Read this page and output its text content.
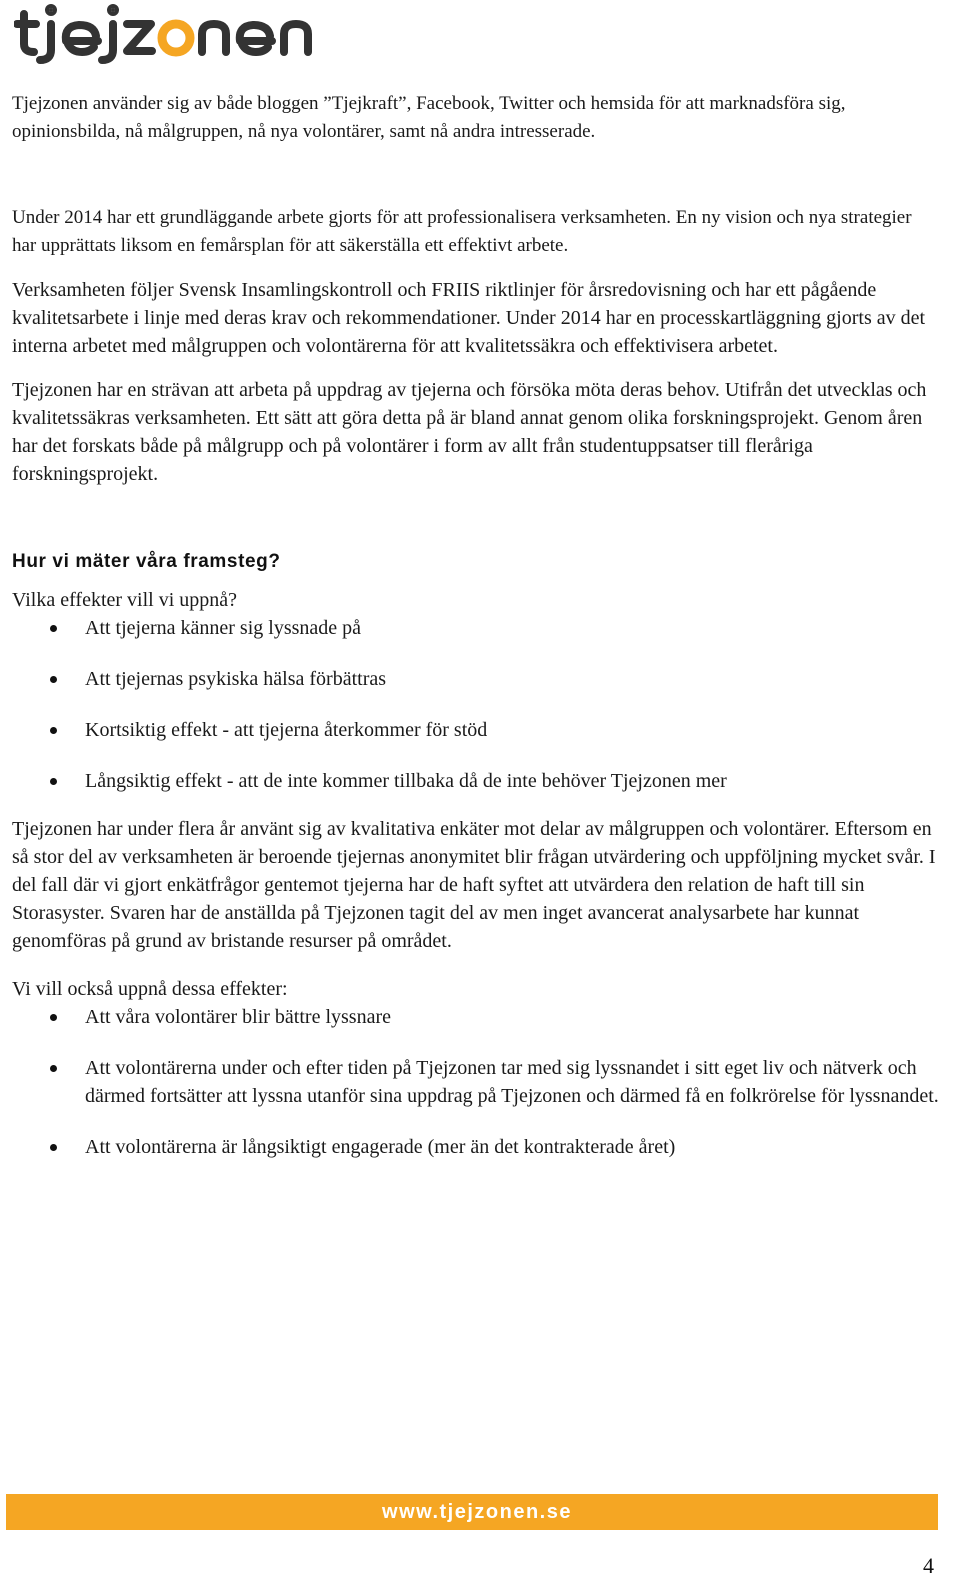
Tjejzonen använder sig av både bloggen ”Tjejkraft”, Facebook, Twitter och hemsida för att marknadsföra sig, opinionsbilda, nå målgruppen, nå nya volontärer, samt nå andra intresserade.

Under 2014 har ett grundläggande arbete gjorts för att professionalisera verksamheten. En ny vision och nya strategier har upprättats liksom en femårsplan för att säkerställa ett effektivt arbete.

Verksamheten följer Svensk Insamlingskontroll och FRIIS riktlinjer för årsredovisning och har ett pågående kvalitetsarbete i linje med deras krav och rekommendationer. Under 2014 har en processkartläggning gjorts av det interna arbetet med målgruppen och volontärerna för att kvalitetssäkra och effektivisera arbetet.

Tjejzonen har en strävan att arbeta på uppdrag av tjejerna och försöka möta deras behov. Utifrån det utvecklas och kvalitetssäkras verksamheten. Ett sätt att göra detta på är bland annat genom olika forskningsprojekt. Genom åren har det forskats både på målgrupp och på volontärer i form av allt från studentuppsatser till fleråriga forskningsprojekt.

Hur vi mäter våra framsteg?

Vilka effekter vill vi uppnå?

Att tjejerna känner sig lyssnade på
Att tjejernas psykiska hälsa förbättras
Kortsiktig effekt - att tjejerna återkommer för stöd
Långsiktig effekt - att de inte kommer tillbaka då de inte behöver Tjejzonen mer

Tjejzonen har under flera år använt sig av kvalitativa enkäter mot delar av målgruppen och volontärer. Eftersom en så stor del av verksamheten är beroende tjejernas anonymitet blir frågan utvärdering och uppföljning mycket svår. I del fall där vi gjort enkätfrågor gentemot tjejerna har de haft syftet att utvärdera den relation de haft till sin Storasyster. Svaren har de anställda på Tjejzonen tagit del av men inget avancerat analysarbete har kunnat genomföras på grund av bristande resurser på området.

Vi vill också uppnå dessa effekter:

Att våra volontärer blir bättre lyssnare
Att volontärerna under och efter tiden på Tjejzonen tar med sig lyssnandet i sitt eget liv och nätverk och därmed fortsätter att lyssna utanför sina uppdrag på Tjejzonen och därmed få en folkrörelse för lyssnandet.
Att volontärerna är långsiktigt engagerade (mer än det kontrakterade året)
www.tjejzonen.se
4
